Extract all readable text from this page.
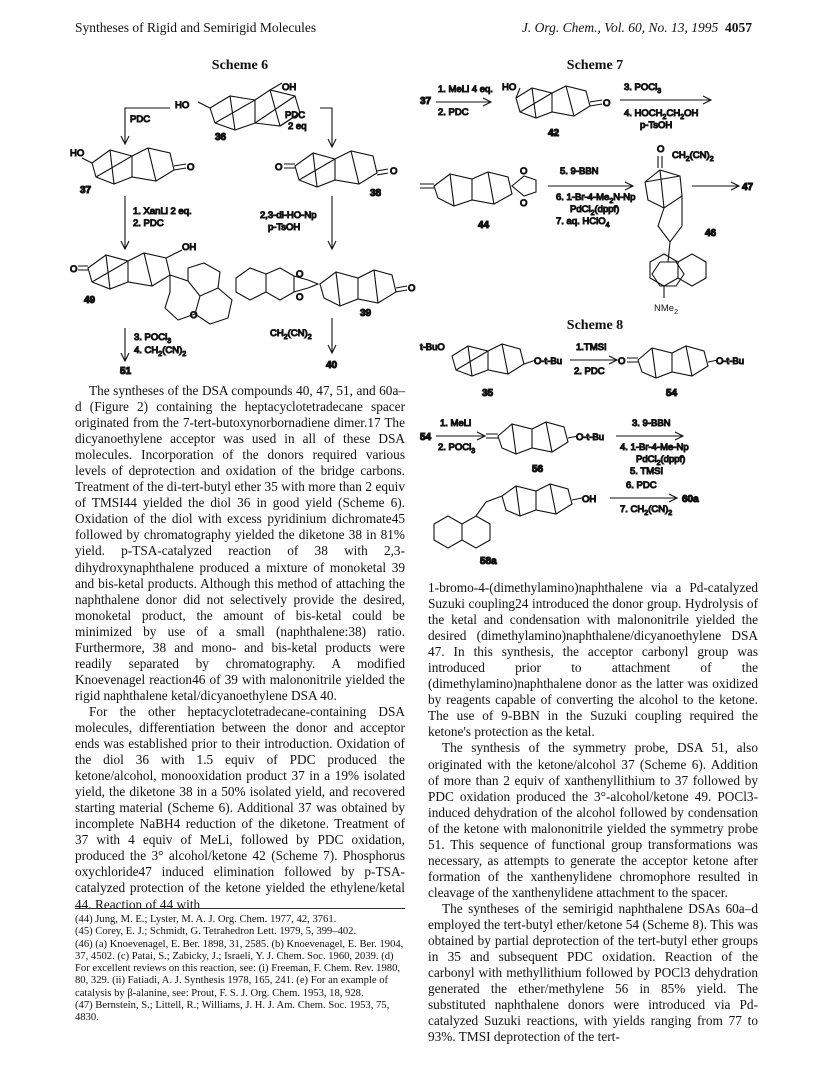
Syntheses of Rigid and Semirigid Molecules	J. Org. Chem., Vol. 60, No. 13, 1995 4057
Scheme 6
HO
OH
36
PDC	PDC
2 eq
HO
O
37
O	O
38
1. XanLi 2 eq.
2. PDC
2,3-di-HO-Np
p-TsOH
OH
O
O
49
O
O
O
39
3. POCl$_3$
4. $CH_2(CN)_2$
51
$CH_2(CN)_2$
40
Scheme 7
37
1. MeLi 4 eq.
2. PDC
HO
O
42
3. POCl$_3$
4. $HOCH_2CH_2OH$
p-TsOH
O
O
44
5. 9-BBN
6. $1-Br-4-Me_2N-Np$
PdCl$_2$(dppf)
7. aq. HClO$_4$
O
$CH_2(CN)_2$
47
46
NMe$_2$
Scheme 8
t-BuO
O-t-Bu
35
1.TMSI
2. PDC
O	O-t-Bu
54
54
1. MeLi
2. POCl$_3$
O-t-Bu
56
3. 9-BBN
4. 1-Br-4-Me-Np
PdCl$_2$(dppf)
5. TMSI
OH
58a
6. PDC
7. $CH_2(CN)_2$
60a

The syntheses of the DSA compounds 40, 47, 51, and 60a–d (Figure 2) containing the heptacyclotetradecane spacer originated from the 7-tert-butoxynorbornadiene dimer.17 The dicyanoethylene acceptor was used in all of these DSA molecules. Incorporation of the donors required various levels of deprotection and oxidation of the bridge carbons. Treatment of the di-tert-butyl ether 35 with more than 2 equiv of TMSI44 yielded the diol 36 in good yield (Scheme 6). Oxidation of the diol with excess pyridinium dichromate45 followed by chromatography yielded the diketone 38 in 81% yield. p-TSA-catalyzed reaction of 38 with 2,3-dihydroxynaphthalene produced a mixture of monoketal 39 and bis-ketal products. Although this method of attaching the naphthalene donor did not selectively provide the desired, monoketal product, the amount of bis-ketal could be minimized by use of a small (naphthalene:38) ratio. Furthermore, 38 and mono- and bis-ketal products were readily separated by chromatography. A modified Knoevenagel reaction46 of 39 with malononitrile yielded the rigid naphthalene ketal/dicyanoethylene DSA 40.

For the other heptacyclotetradecane-containing DSA molecules, differentiation between the donor and acceptor ends was established prior to their introduction. Oxidation of the diol 36 with 1.5 equiv of PDC produced the ketone/alcohol, monooxidation product 37 in a 19% isolated yield, the diketone 38 in a 50% isolated yield, and recovered starting material (Scheme 6). Additional 37 was obtained by incomplete NaBH4 reduction of the diketone. Treatment of 37 with 4 equiv of MeLi, followed by PDC oxidation, produced the 3° alcohol/ketone 42 (Scheme 7). Phosphorus oxychloride47 induced elimination followed by p-TSA-catalyzed protection of the ketone yielded the ethylene/ketal 44. Reaction of 44 with

(44) Jung, M. E.; Lyster, M. A. J. Org. Chem. 1977, 42, 3761.
(45) Corey, E. J.; Schmidt, G. Tetrahedron Lett. 1979, 5, 399–402.
(46) (a) Knoevenagel, E. Ber. 1898, 31, 2585. (b) Knoevenagel, E. Ber. 1904, 37, 4502. (c) Patai, S.; Zabicky, J.; Israeli, Y. J. Chem. Soc. 1960, 2039. (d) For excellent reviews on this reaction, see: (i) Freeman, F. Chem. Rev. 1980, 80, 329. (ii) Fatiadi, A. J. Synthesis 1978, 165, 241. (e) For an example of catalysis by β-alanine, see: Prout, F. S. J. Org. Chem. 1953, 18, 928.
(47) Bernstein, S.; Littell, R.; Williams, J. H. J. Am. Chem. Soc. 1953, 75, 4830.

1-bromo-4-(dimethylamino)naphthalene via a Pd-catalyzed Suzuki coupling24 introduced the donor group. Hydrolysis of the ketal and condensation with malononitrile yielded the desired (dimethylamino)naphthalene/dicyanoethylene DSA 47. In this synthesis, the acceptor carbonyl group was introduced prior to attachment of the (dimethylamino)naphthalene donor as the latter was oxidized by reagents capable of converting the alcohol to the ketone. The use of 9-BBN in the Suzuki coupling required the ketone's protection as the ketal.

The synthesis of the symmetry probe, DSA 51, also originated with the ketone/alcohol 37 (Scheme 6). Addition of more than 2 equiv of xanthenyllithium to 37 followed by PDC oxidation produced the 3°-alcohol/ketone 49. POCl3-induced dehydration of the alcohol followed by condensation of the ketone with malononitrile yielded the symmetry probe 51. This sequence of functional group transformations was necessary, as attempts to generate the acceptor ketone after formation of the xanthenylidene chromophore resulted in cleavage of the xanthenylidene attachment to the spacer.

The syntheses of the semirigid naphthalene DSAs 60a–d employed the tert-butyl ether/ketone 54 (Scheme 8). This was obtained by partial deprotection of the tert-butyl ether groups in 35 and subsequent PDC oxidation. Reaction of the carbonyl with methyllithium followed by POCl3 dehydration generated the ether/methylene 56 in 85% yield. The substituted naphthalene donors were introduced via Pd-catalyzed Suzuki reactions, with yields ranging from 77 to 93%. TMSI deprotection of the tert-
